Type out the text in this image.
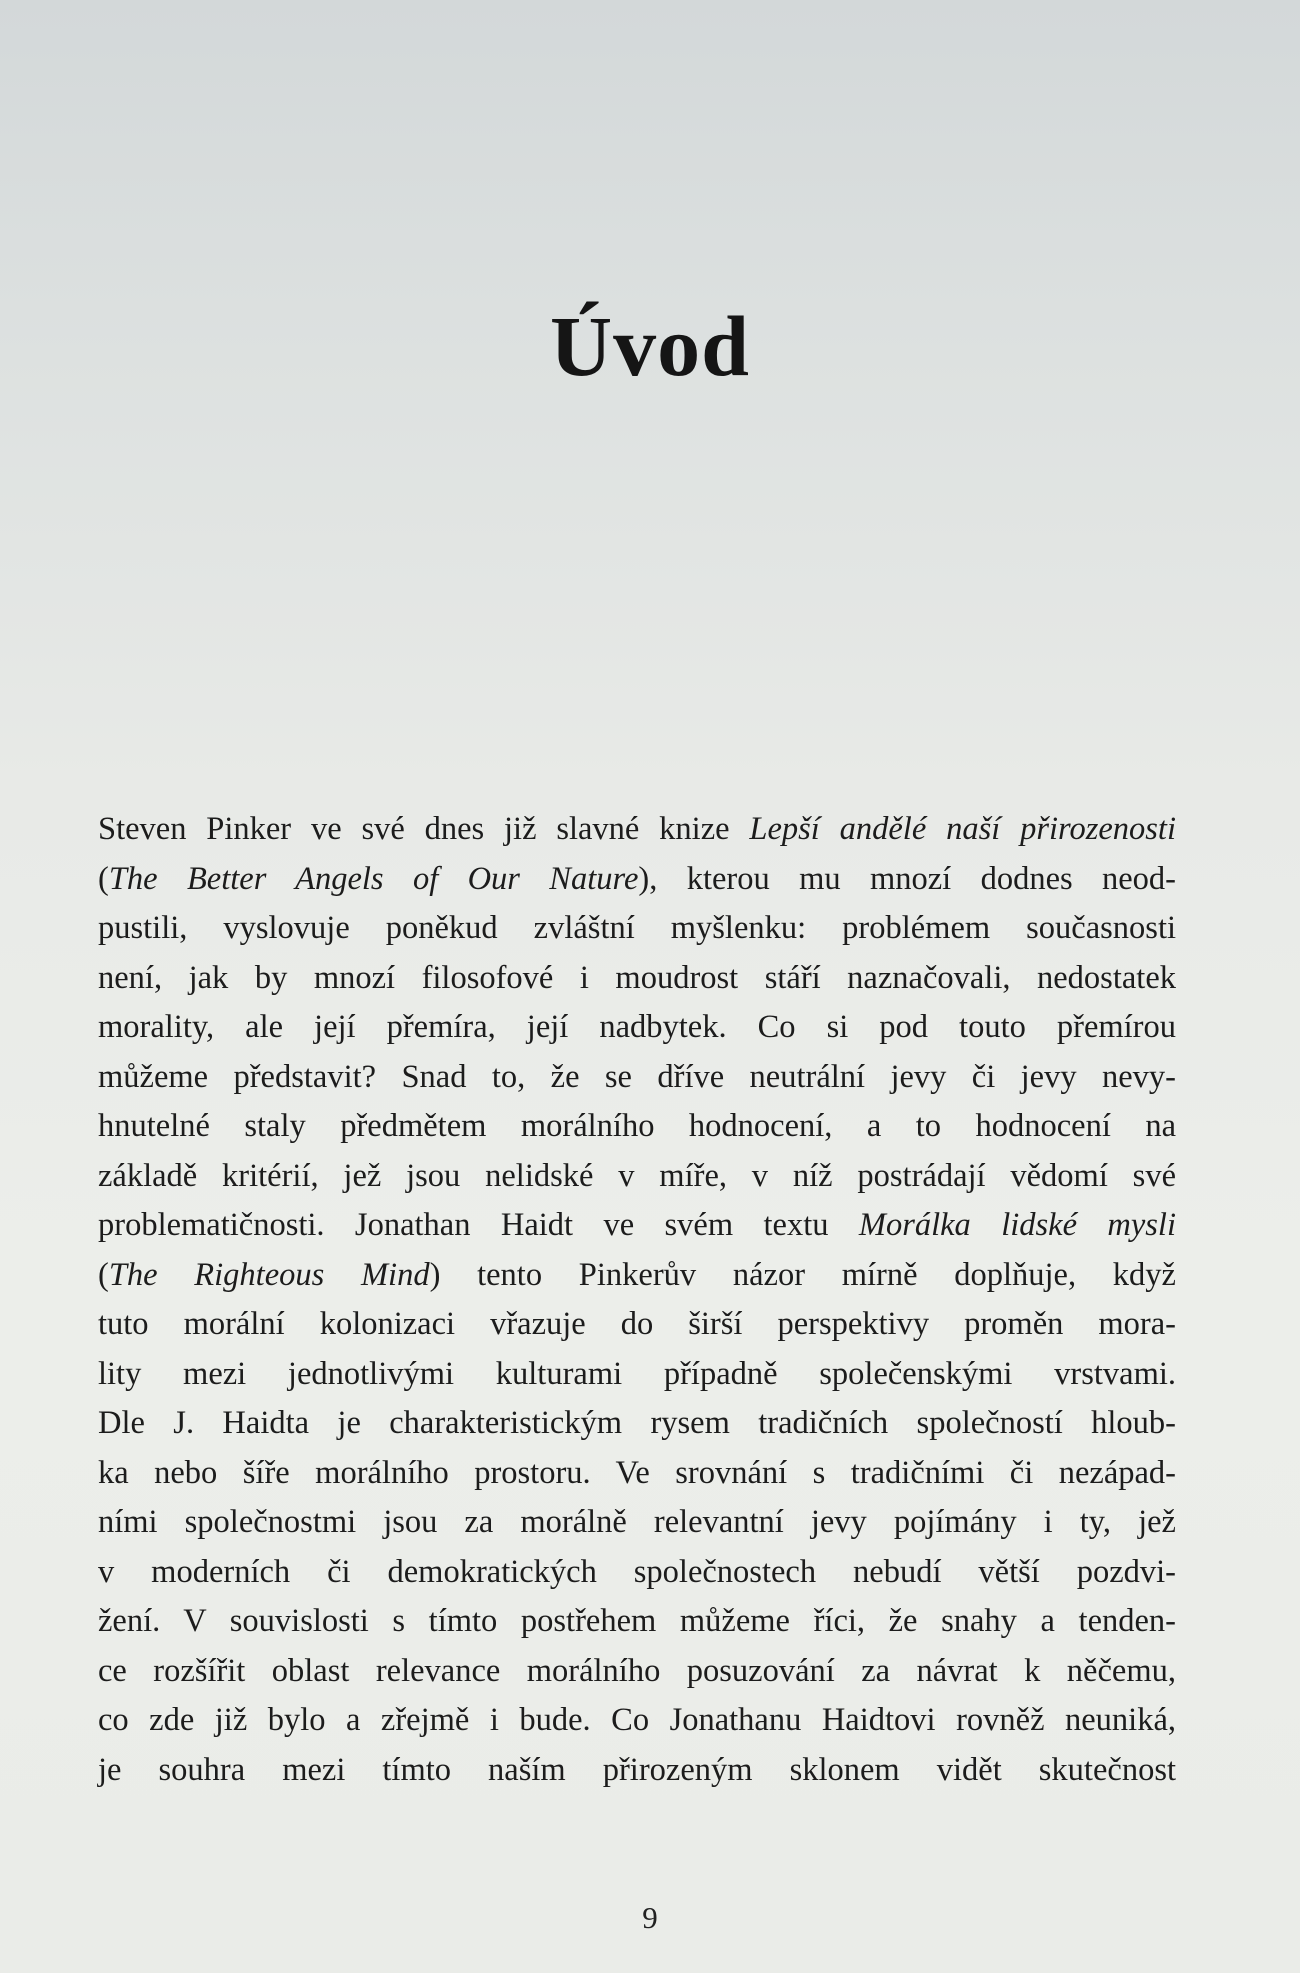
Úvod
Steven Pinker ve své dnes již slavné knize Lepší andělé naší přirozenosti
(The Better Angels of Our Nature), kterou mu mnozí dodnes neod-
pustili, vyslovuje poněkud zvláštní myšlenku: problémem současnosti
není, jak by mnozí filosofové i moudrost stáří naznačovali, nedostatek
morality, ale její přemíra, její nadbytek. Co si pod touto přemírou
můžeme představit? Snad to, že se dříve neutrální jevy či jevy nevy-
hnutelné staly předmětem morálního hodnocení, a to hodnocení na
základě kritérií, jež jsou nelidské v míře, v níž postrádají vědomí své
problematičnosti. Jonathan Haidt ve svém textu Morálka lidské mysli
(The Righteous Mind) tento Pinkerův názor mírně doplňuje, když
tuto morální kolonizaci vřazuje do širší perspektivy proměn mora-
lity mezi jednotlivými kulturami případně společenskými vrstvami.
Dle J. Haidta je charakteristickým rysem tradičních společností hloub-
ka nebo šíře morálního prostoru. Ve srovnání s tradičními či nezápad-
ními společnostmi jsou za morálně relevantní jevy pojímány i ty, jež
v moderních či demokratických společnostech nebudí větší pozdvi-
žení. V souvislosti s tímto postřehem můžeme říci, že snahy a tenden-
ce rozšířit oblast relevance morálního posuzování za návrat k něčemu,
co zde již bylo a zřejmě i bude. Co Jonathanu Haidtovi rovněž neuniká,
je souhra mezi tímto naším přirozeným sklonem vidět skutečnost
9
